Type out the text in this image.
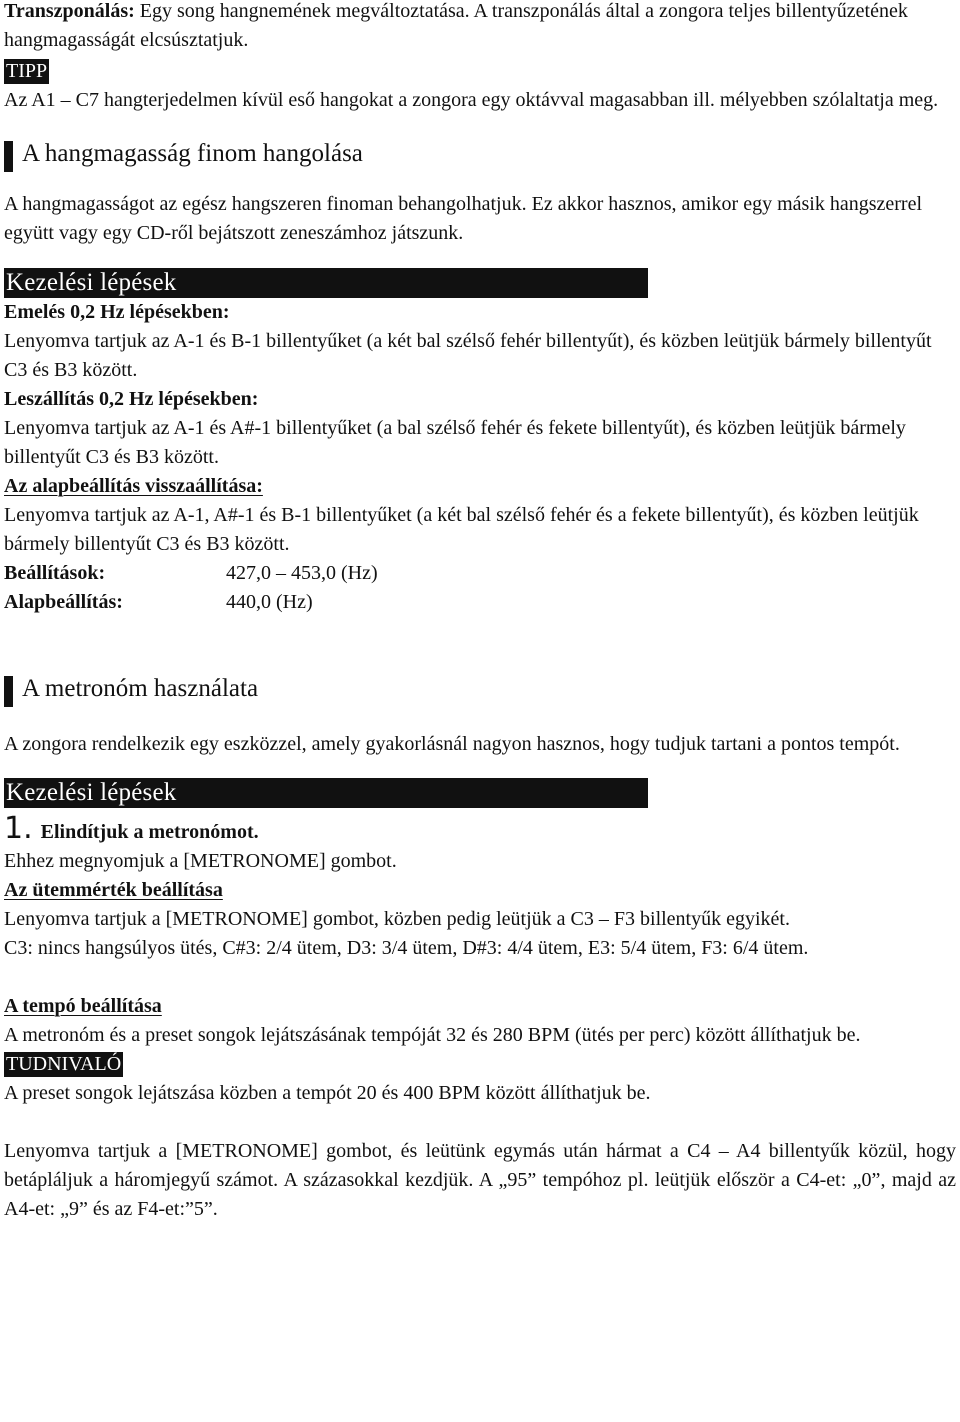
Transzponálás: Egy song hangnemének megváltoztatása. A transzponálás által a zongora teljes billentyűzetének hangmagasságát elcsúsztatjuk.

TIPP

Az A1 – C7 hangterjedelmen kívül eső hangokat a zongora egy oktávval magasabban ill. mélyebben szólaltatja meg.

A hangmagasság finom hangolása

A hangmagasságot az egész hangszeren finoman behangolhatjuk. Ez akkor hasznos, amikor egy másik hangszerrel együtt vagy egy CD-ről bejátszott zeneszámhoz játszunk.

Kezelési lépések

Emelés 0,2 Hz lépésekben:

Lenyomva tartjuk az A-1 és B-1 billentyűket (a két bal szélső fehér billentyűt), és közben leütjük bármely billentyűt C3 és B3 között.

Leszállítás 0,2 Hz lépésekben:

Lenyomva tartjuk az A-1 és A#-1 billentyűket (a bal szélső fehér és fekete billentyűt), és közben leütjük bármely billentyűt C3 és B3 között.

Az alapbeállítás visszaállítása:

Lenyomva tartjuk az A-1, A#-1 és B-1 billentyűket (a két bal szélső fehér és a fekete billentyűt), és közben leütjük bármely billentyűt C3 és B3 között.

Beállítások:	427,0 – 453,0 (Hz)
Alapbeállítás:	440,0 (Hz)
A metronóm használata

A zongora rendelkezik egy eszközzel, amely gyakorlásnál nagyon hasznos, hogy tudjuk tartani a pontos tempót.

Kezelési lépések

1. Elindítjuk a metronómot.

Ehhez megnyomjuk a [METRONOME] gombot.

Az ütemmérték beállítása

Lenyomva tartjuk a [METRONOME] gombot, közben pedig leütjük a C3 – F3 billentyűk egyikét.

C3: nincs hangsúlyos ütés, C#3: 2/4 ütem, D3: 3/4 ütem, D#3: 4/4 ütem, E3: 5/4 ütem, F3: 6/4 ütem.

A tempó beállítása

A metronóm és a preset songok lejátszásának tempóját 32 és 280 BPM (ütés per perc) között állíthatjuk be.

TUDNIVALÓ

A preset songok lejátszása közben a tempót 20 és 400 BPM között állíthatjuk be.

Lenyomva tartjuk a [METRONOME] gombot, és leütünk egymás után hármat a C4 – A4 billentyűk közül, hogy betápláljuk a háromjegyű számot. A százasokkal kezdjük. A „95” tempóhoz pl. leütjük először a C4-et: „0”, majd az A4-et: „9” és az F4-et:”5”.
